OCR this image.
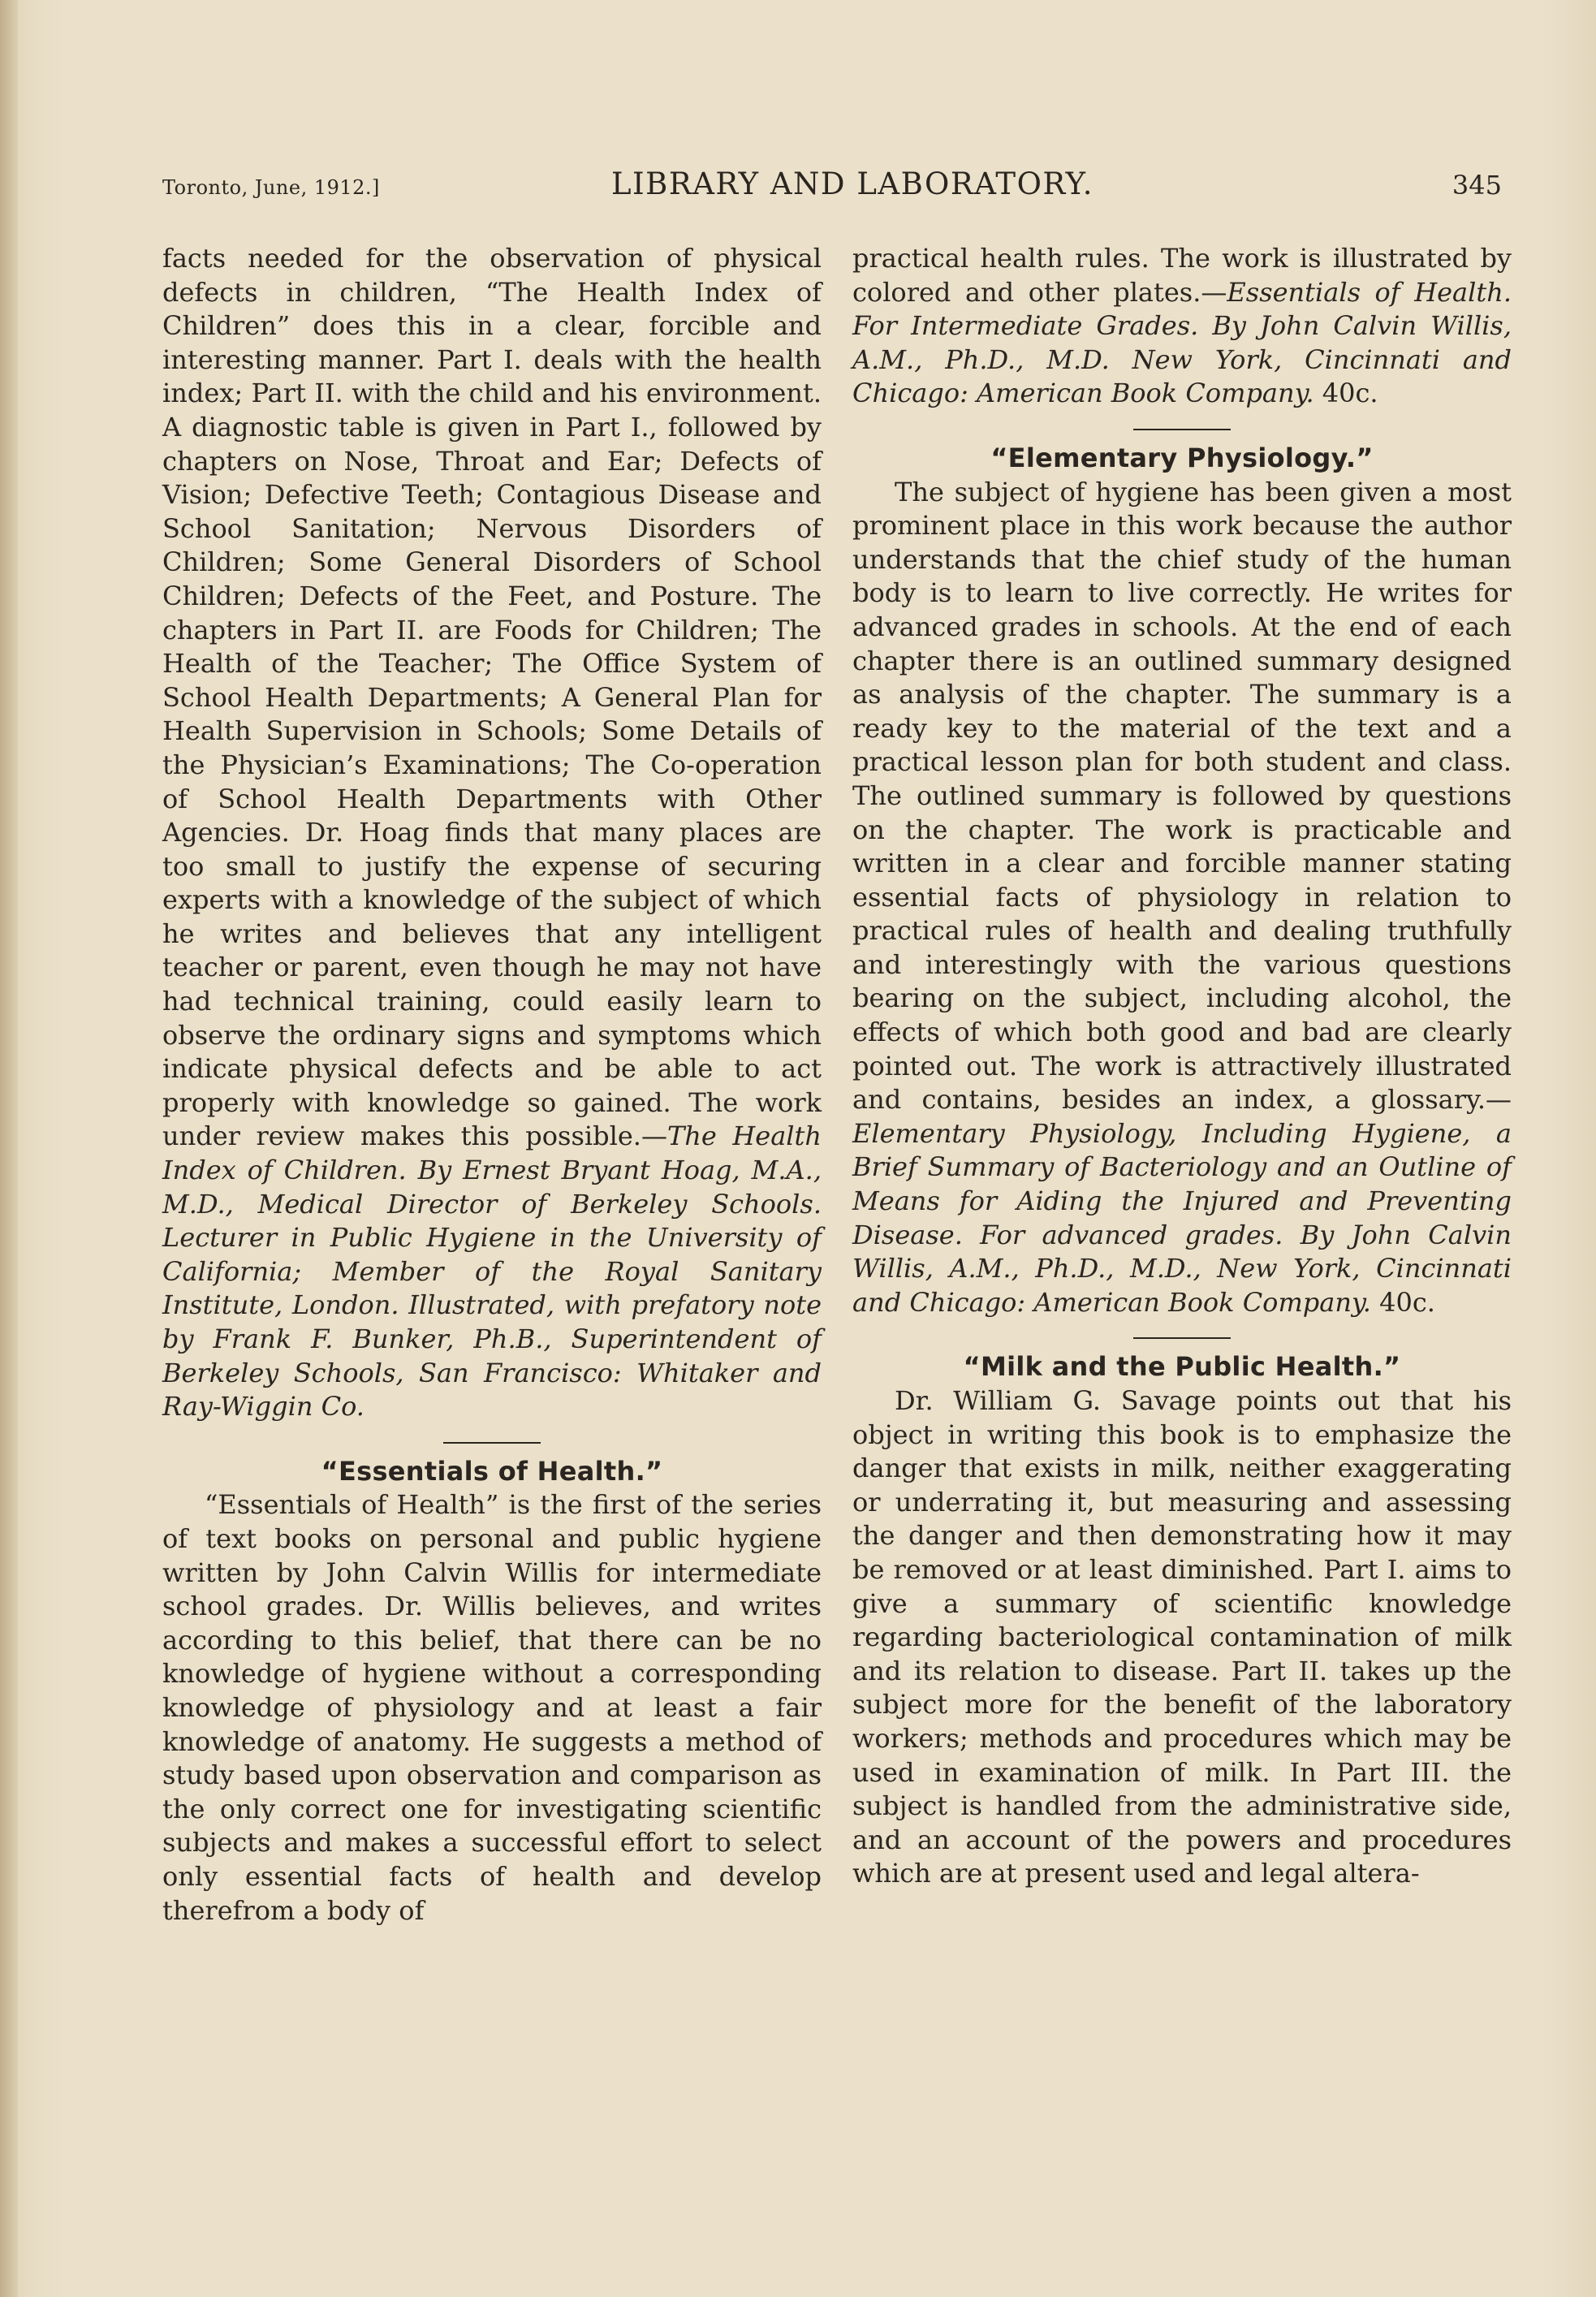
Toronto, June, 1912.]	LIBRARY AND LABORATORY.	345

facts needed for the observation of physical defects in children, “The Health Index of Children” does this in a clear, forcible and interesting manner. Part I. deals with the health index; Part II. with the child and his environment. A diagnostic table is given in Part I., followed by chapters on Nose, Throat and Ear; Defects of Vision; Defective Teeth; Contagious Disease and School Sanitation; Nervous Disorders of Children; Some General Disorders of School Children; Defects of the Feet, and Posture. The chapters in Part II. are Foods for Children; The Health of the Teacher; The Office System of School Health Departments; A General Plan for Health Supervision in Schools; Some Details of the Physician’s Examinations; The Co-operation of School Health Departments with Other Agencies. Dr. Hoag finds that many places are too small to justify the expense of securing experts with a knowledge of the subject of which he writes and believes that any intelligent teacher or parent, even though he may not have had technical training, could easily learn to observe the ordinary signs and symptoms which indicate physical defects and be able to act properly with knowledge so gained. The work under review makes this possible.—The Health Index of Children. By Ernest Bryant Hoag, M.A., M.D., Medical Director of Berkeley Schools. Lecturer in Public Hygiene in the University of California; Member of the Royal Sanitary Institute, London. Illustrated, with prefatory note by Frank F. Bunker, Ph.B., Superintendent of Berkeley Schools, San Francisco: Whitaker and Ray-Wiggin Co.

“Essentials of Health.”

“Essentials of Health” is the first of the series of text books on personal and public hygiene written by John Calvin Willis for intermediate school grades. Dr. Willis believes, and writes according to this belief, that there can be no knowledge of hygiene without a corresponding knowledge of physiology and at least a fair knowledge of anatomy. He suggests a method of study based upon observation and comparison as the only correct one for investigating scientific subjects and makes a successful effort to select only essential facts of health and develop therefrom a body of

practical health rules. The work is illustrated by colored and other plates.—Essentials of Health. For Intermediate Grades. By John Calvin Willis, A.M., Ph.D., M.D. New York, Cincinnati and Chicago: American Book Company. 40c.

“Elementary Physiology.”

The subject of hygiene has been given a most prominent place in this work because the author understands that the chief study of the human body is to learn to live correctly. He writes for advanced grades in schools. At the end of each chapter there is an outlined summary designed as analysis of the chapter. The summary is a ready key to the material of the text and a practical lesson plan for both student and class. The outlined summary is followed by questions on the chapter. The work is practicable and written in a clear and forcible manner stating essential facts of physiology in relation to practical rules of health and dealing truthfully and interestingly with the various questions bearing on the subject, including alcohol, the effects of which both good and bad are clearly pointed out. The work is attractively illustrated and contains, besides an index, a glossary.—Elementary Physiology, Including Hygiene, a Brief Summary of Bacteriology and an Outline of Means for Aiding the Injured and Preventing Disease. For advanced grades. By John Calvin Willis, A.M., Ph.D., M.D., New York, Cincinnati and Chicago: American Book Company. 40c.

“Milk and the Public Health.”

Dr. William G. Savage points out that his object in writing this book is to emphasize the danger that exists in milk, neither exaggerating or underrating it, but measuring and assessing the danger and then demonstrating how it may be removed or at least diminished. Part I. aims to give a summary of scientific knowledge regarding bacteriological contamination of milk and its relation to disease. Part II. takes up the subject more for the benefit of the laboratory workers; methods and procedures which may be used in examination of milk. In Part III. the subject is handled from the administrative side, and an account of the powers and procedures which are at present used and legal altera-
